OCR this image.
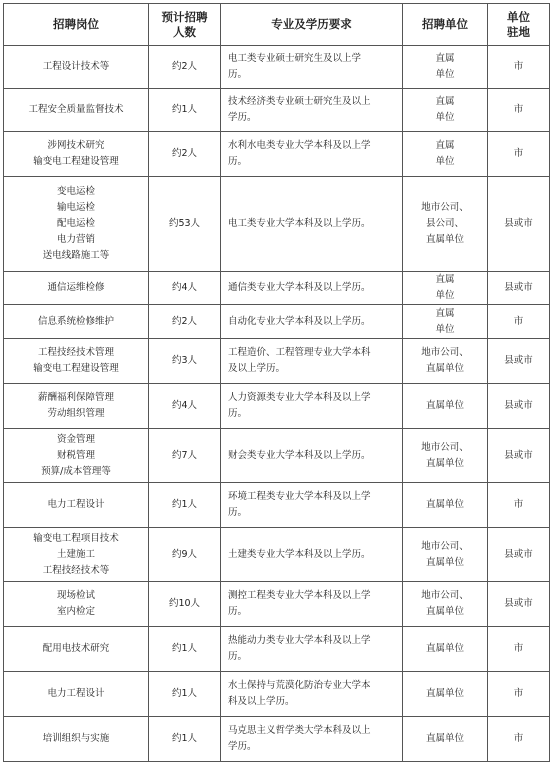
招聘岗位	预计招聘
人数	专业及学历要求	招聘单位	单位
驻地

工程设计技术等	约2人	电工类专业硕士研究生及以上学
历。	直属
单位	市

工程安全质量监督技术	约1人	技术经济类专业硕士研究生及以上
学历。	直属
单位	市

涉网技术研究
输变电工程建设管理	约2人	水利水电类专业大学本科及以上学
历。	直属
单位	市

变电运检
输电运检
配电运检
电力营销
送电线路施工等	约53人	电工类专业大学本科及以上学历。	地市公司、
县公司、
直属单位	县或市

通信运维检修	约4人	通信类专业大学本科及以上学历。	直属
单位	县或市

信息系统检修维护	约2人	自动化专业大学本科及以上学历。	直属
单位	市

工程技经技术管理
输变电工程建设管理	约3人	工程造价、工程管理专业大学本科
及以上学历。	地市公司、
直属单位	县或市

薪酬福利保障管理
劳动组织管理	约4人	人力资源类专业大学本科及以上学
历。	直属单位	县或市

资金管理
财税管理
预算/成本管理等	约7人	财会类专业大学本科及以上学历。	地市公司、
直属单位	县或市

电力工程设计	约1人	环境工程类专业大学本科及以上学
历。	直属单位	市

输变电工程项目技术
土建施工
工程技经技术等	约9人	土建类专业大学本科及以上学历。	地市公司、
直属单位	县或市

现场检试
室内检定	约10人	测控工程类专业大学本科及以上学
历。	地市公司、
直属单位	县或市

配用电技术研究	约1人	热能动力类专业大学本科及以上学
历。	直属单位	市

电力工程设计	约1人	水土保持与荒漠化防治专业大学本
科及以上学历。	直属单位	市

培训组织与实施	约1人	马克思主义哲学类大学本科及以上
学历。	直属单位	市
